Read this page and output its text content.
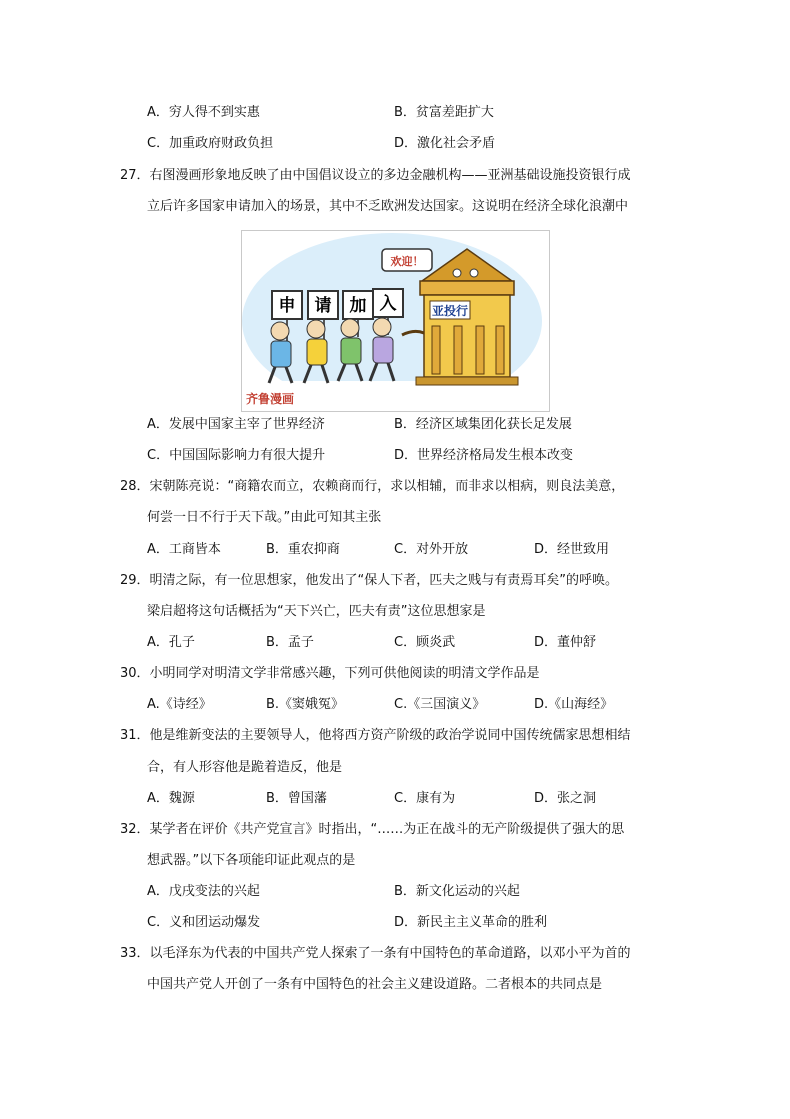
A．穷人得不到实惠	B．贫富差距扩大
C．加重政府财政负担	D．激化社会矛盾
27．右图漫画形象地反映了由中国倡议设立的多边金融机构——亚洲基础设施投资银行成
立后许多国家申请加入的场景，其中不乏欧洲发达国家。这说明在经济全球化浪潮中
申 请 加 入
欢迎！
亚投行
齐鲁漫画
A．发展中国家主宰了世界经济	B．经济区域集团化获长足发展
C．中国国际影响力有很大提升	D．世界经济格局发生根本改变
28．宋朝陈亮说：“商籍农而立，农赖商而行，求以相辅，而非求以相病，则良法美意，
何尝一日不行于天下哉。”由此可知其主张
A．工商皆本	B．重农抑商	C．对外开放	D．经世致用
29．明清之际，有一位思想家，他发出了“保人下者，匹夫之贱与有责焉耳矣”的呼唤。
梁启超将这句话概括为“天下兴亡，匹夫有责”这位思想家是
A．孔子	B．孟子	C．顾炎武	D．董仲舒
30．小明同学对明清文学非常感兴趣，下列可供他阅读的明清文学作品是
A.《诗经》	B.《窦娥冤》	C.《三国演义》	D.《山海经》
31．他是维新变法的主要领导人，他将西方资产阶级的政治学说同中国传统儒家思想相结
合，有人形容他是跪着造反，他是
A．魏源	B．曾国藩	C．康有为	D．张之洞
32．某学者在评价《共产党宣言》时指出，“……为正在战斗的无产阶级提供了强大的思
想武器。”以下各项能印证此观点的是
A．戊戌变法的兴起	B．新文化运动的兴起
C．义和团运动爆发	D．新民主主义革命的胜利
33．以毛泽东为代表的中国共产党人探索了一条有中国特色的革命道路，以邓小平为首的
中国共产党人开创了一条有中国特色的社会主义建设道路。二者根本的共同点是
